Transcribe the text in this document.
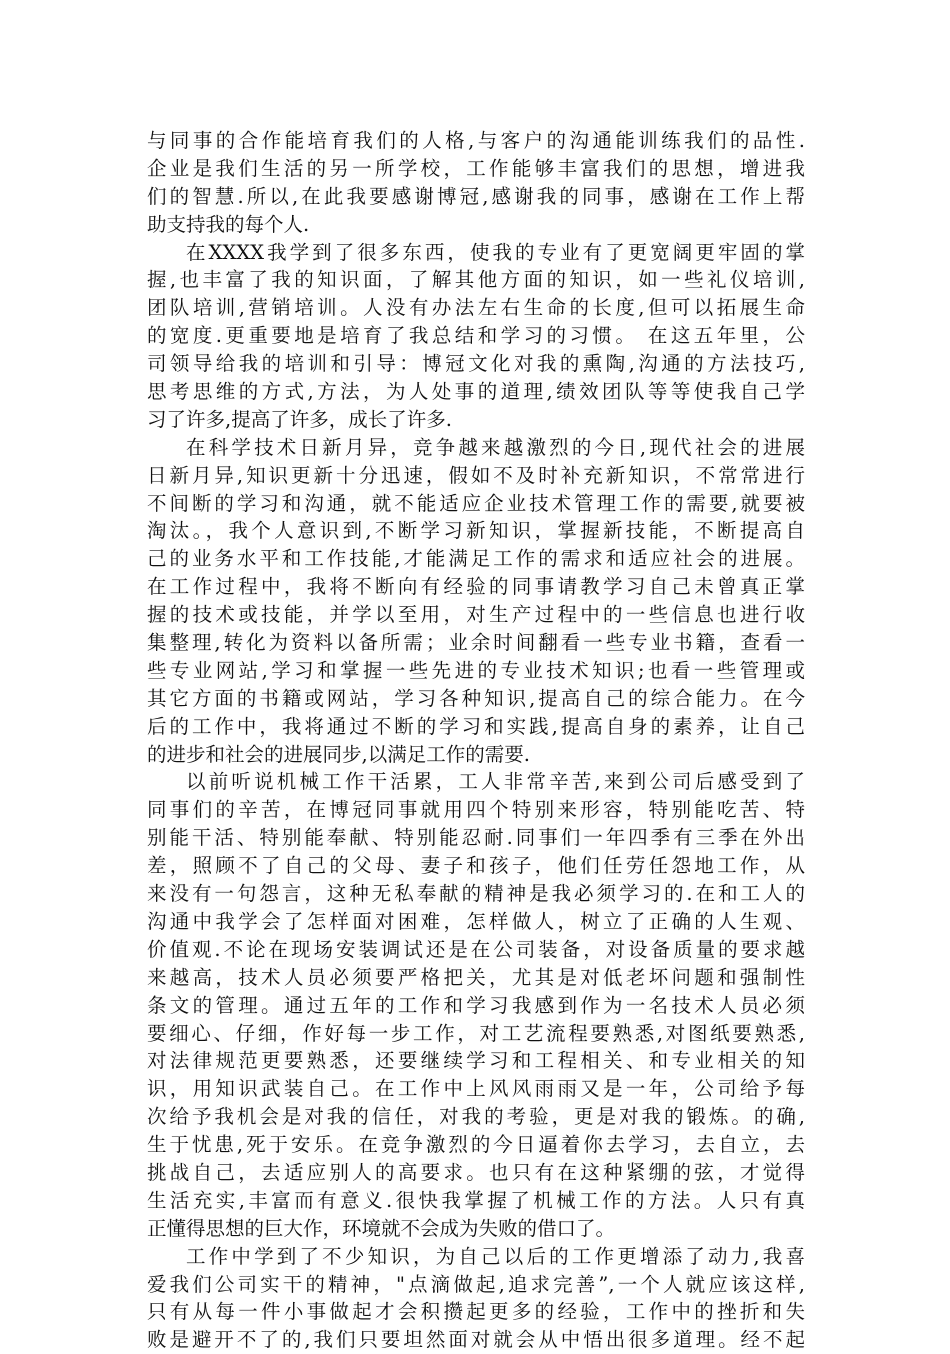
与同事的合作能培育我们的人格,与客户的沟通能训练我们的品性.
企业是我们生活的另一所学校，工作能够丰富我们的思想，增进我
们的智慧.所以,在此我要感谢博冠,感谢我的同事，感谢在工作上帮
助支持我的每个人.
在XXXX我学到了很多东西，使我的专业有了更宽阔更牢固的掌
握,也丰富了我的知识面，了解其他方面的知识，如一些礼仪培训,
团队培训,营销培训。人没有办法左右生命的长度,但可以拓展生命
的宽度.更重要地是培育了我总结和学习的习惯。 在这五年里，公
司领导给我的培训和引导：博冠文化对我的熏陶,沟通的方法技巧,
思考思维的方式,方法，为人处事的道理,绩效团队等等使我自己学
习了许多,提高了许多，成长了许多.
在科学技术日新月异，竞争越来越激烈的今日,现代社会的进展
日新月异,知识更新十分迅速，假如不及时补充新知识，不常常进行
不间断的学习和沟通，就不能适应企业技术管理工作的需要,就要被
淘汰。，我个人意识到,不断学习新知识，掌握新技能，不断提高自
己的业务水平和工作技能,才能满足工作的需求和适应社会的进展。
在工作过程中，我将不断向有经验的同事请教学习自己未曾真正掌
握的技术或技能，并学以至用，对生产过程中的一些信息也进行收
集整理,转化为资料以备所需；业余时间翻看一些专业书籍，查看一
些专业网站,学习和掌握一些先进的专业技术知识;也看一些管理或
其它方面的书籍或网站，学习各种知识,提高自己的综合能力。在今
后的工作中，我将通过不断的学习和实践,提高自身的素养，让自己
的进步和社会的进展同步,以满足工作的需要.
以前听说机械工作干活累，工人非常辛苦,来到公司后感受到了
同事们的辛苦，在博冠同事就用四个特别来形容，特别能吃苦、特
别能干活、特别能奉献、特别能忍耐.同事们一年四季有三季在外出
差，照顾不了自己的父母、妻子和孩子，他们任劳任怨地工作，从
来没有一句怨言，这种无私奉献的精神是我必须学习的.在和工人的
沟通中我学会了怎样面对困难，怎样做人，树立了正确的人生观、
价值观.不论在现场安装调试还是在公司装备，对设备质量的要求越
来越高，技术人员必须要严格把关，尤其是对低老坏问题和强制性
条文的管理。通过五年的工作和学习我感到作为一名技术人员必须
要细心、仔细，作好每一步工作，对工艺流程要熟悉,对图纸要熟悉,
对法律规范更要熟悉，还要继续学习和工程相关、和专业相关的知
识，用知识武装自己。在工作中上风风雨雨又是一年，公司给予每
次给予我机会是对我的信任，对我的考验，更是对我的锻炼。的确,
生于忧患,死于安乐。在竞争激烈的今日逼着你去学习，去自立，去
挑战自己，去适应别人的高要求。也只有在这种紧绷的弦，才觉得
生活充实,丰富而有意义.很快我掌握了机械工作的方法。人只有真
正懂得思想的巨大作，环境就不会成为失败的借口了。
工作中学到了不少知识，为自己以后的工作更增添了动力,我喜
爱我们公司实干的精神，"点滴做起,追求完善”,一个人就应该这样,
只有从每一件小事做起才会积攒起更多的经验，工作中的挫折和失
败是避开不了的,我们只要坦然面对就会从中悟出很多道理。经不起
